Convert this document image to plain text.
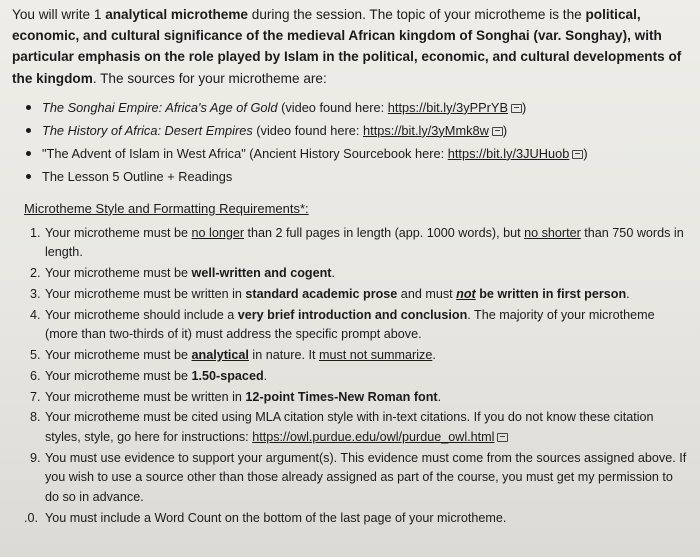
You will write 1 analytical microtheme during the session. The topic of your microtheme is the political, economic, and cultural significance of the medieval African kingdom of Songhai (var. Songhay), with particular emphasis on the role played by Islam in the political, economic, and cultural developments of the kingdom. The sources for your microtheme are:

The Songhai Empire: Africa's Age of Gold (video found here: https://bit.ly/3yPPrYB )
The History of Africa: Desert Empires (video found here: https://bit.ly/3yMmk8w )
"The Advent of Islam in West Africa" (Ancient History Sourcebook here: https://bit.ly/3JUHuob )
The Lesson 5 Outline + Readings
Microtheme Style and Formatting Requirements*:
1. Your microtheme must be no longer than 2 full pages in length (app. 1000 words), but no shorter than 750 words in length.
2. Your microtheme must be well-written and cogent.
3. Your microtheme must be written in standard academic prose and must not be written in first person.
4. Your microtheme should include a very brief introduction and conclusion. The majority of your microtheme (more than two-thirds of it) must address the specific prompt above.
5. Your microtheme must be analytical in nature. It must not summarize.
6. Your microtheme must be 1.50-spaced.
7. Your microtheme must be written in 12-point Times-New Roman font.
8. Your microtheme must be cited using MLA citation style with in-text citations. If you do not know these citation styles, style, go here for instructions: https://owl.purdue.edu/owl/purdue_owl.html
9. You must use evidence to support your argument(s). This evidence must come from the sources assigned above. If you wish to use a source other than those already assigned as part of the course, you must get my permission to do so in advance.
.0. You must include a Word Count on the bottom of the last page of your microtheme.
